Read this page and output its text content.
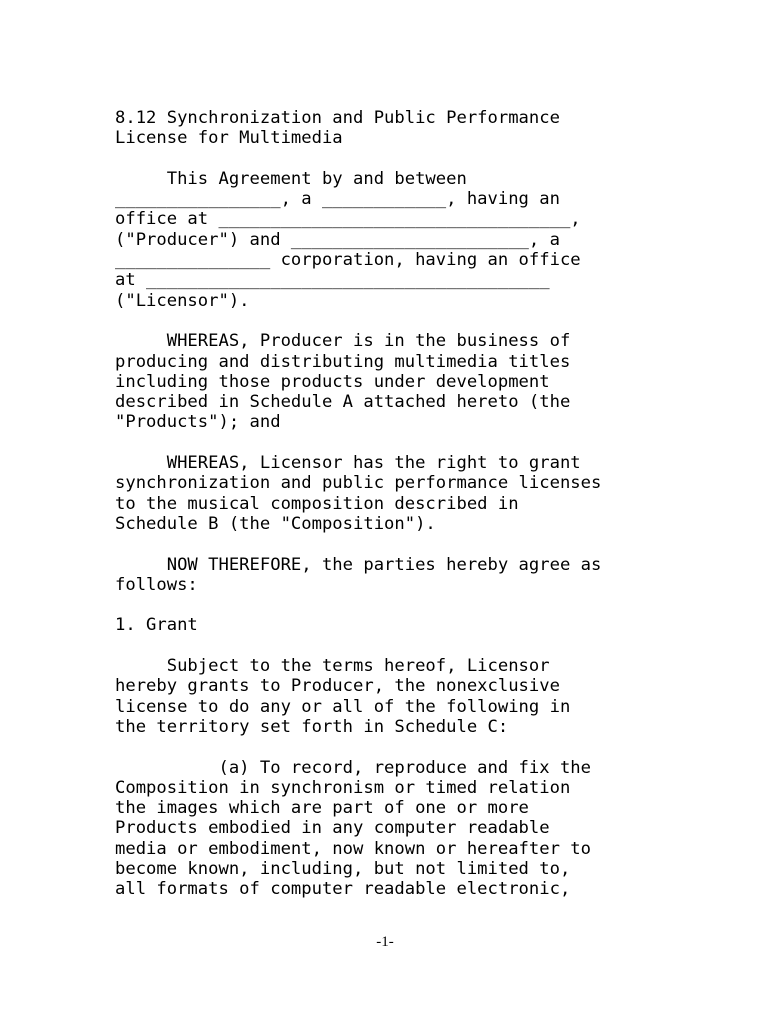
8.12 Synchronization and Public Performance
License for Multimedia
This Agreement by and between
________________, a ____________, having an
office at __________________________________,
("Producer") and _______________________, a
_______________ corporation, having an office
at _______________________________________
("Licensor").
WHEREAS, Producer is in the business of
producing and distributing multimedia titles
including those products under development
described in Schedule A attached hereto (the
"Products"); and
WHEREAS, Licensor has the right to grant
synchronization and public performance licenses
to the musical composition described in
Schedule B (the "Composition").
NOW THEREFORE, the parties hereby agree as
follows:
1. Grant
Subject to the terms hereof, Licensor
hereby grants to Producer, the nonexclusive
license to do any or all of the following in
the territory set forth in Schedule C:
(a) To record, reproduce and fix the
Composition in synchronism or timed relation
the images which are part of one or more
Products embodied in any computer readable
media or embodiment, now known or hereafter to
become known, including, but not limited to,
all formats of computer readable electronic,
-1-
